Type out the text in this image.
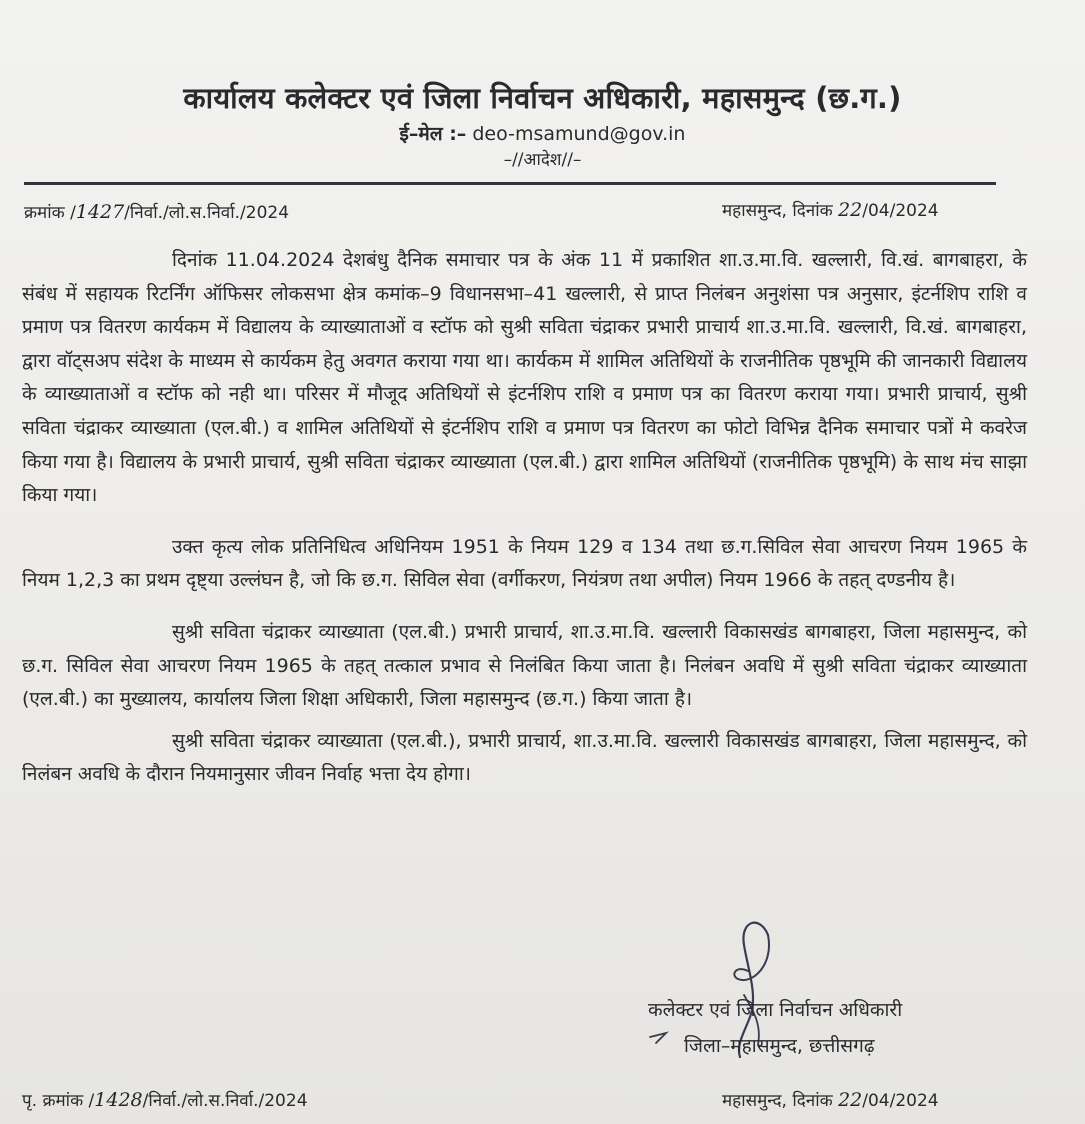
कार्यालय कलेक्टर एवं जिला निर्वाचन अधिकारी, महासमुन्द (छ.ग.)
ई–मेल :– deo-msamund@gov.in
–//आदेश//–
क्रमांक /1427/निर्वा./लो.स.निर्वा./2024	महासमुन्द, दिनांक 22/04/2024

दिनांक 11.04.2024 देशबंधु दैनिक समाचार पत्र के अंक 11 में प्रकाशित शा.उ.मा.वि. खल्लारी, वि.खं. बागबाहरा, के संबंध में सहायक रिटर्निंग ऑफिसर लोकसभा क्षेत्र कमांक–9 विधानसभा–41 खल्लारी, से प्राप्त निलंबन अनुशंसा पत्र अनुसार, इंटर्नशिप राशि व प्रमाण पत्र वितरण कार्यकम में विद्यालय के व्याख्याताओं व स्टॉफ को सुश्री सविता चंद्राकर प्रभारी प्राचार्य शा.उ.मा.वि. खल्लारी, वि.खं. बागबाहरा, द्वारा वॉट्सअप संदेश के माध्यम से कार्यकम हेतु अवगत कराया गया था। कार्यकम में शामिल अतिथियों के राजनीतिक पृष्ठभूमि की जानकारी विद्यालय के व्याख्याताओं व स्टॉफ को नही था। परिसर में मौजूद अतिथियों से इंटर्नशिप राशि व प्रमाण पत्र का वितरण कराया गया। प्रभारी प्राचार्य, सुश्री सविता चंद्राकर व्याख्याता (एल.बी.) व शामिल अतिथियों से इंटर्नशिप राशि व प्रमाण पत्र वितरण का फोटो विभिन्न दैनिक समाचार पत्रों मे कवरेज किया गया है। विद्यालय के प्रभारी प्राचार्य, सुश्री सविता चंद्राकर व्याख्याता (एल.बी.) द्वारा शामिल अतिथियों (राजनीतिक पृष्ठभूमि) के साथ मंच साझा किया गया।

उक्त कृत्य लोक प्रतिनिधित्व अधिनियम 1951 के नियम 129 व 134 तथा छ.ग.सिविल सेवा आचरण नियम 1965 के नियम 1,2,3 का प्रथम दृष्ट्या उल्लंघन है, जो कि छ.ग. सिविल सेवा (वर्गीकरण, नियंत्रण तथा अपील) नियम 1966 के तहत् दण्डनीय है।

सुश्री सविता चंद्राकर व्याख्याता (एल.बी.) प्रभारी प्राचार्य, शा.उ.मा.वि. खल्लारी विकासखंड बागबाहरा, जिला महासमुन्द, को छ.ग. सिविल सेवा आचरण नियम 1965 के तहत् तत्काल प्रभाव से निलंबित किया जाता है। निलंबन अवधि में सुश्री सविता चंद्राकर व्याख्याता (एल.बी.) का मुख्यालय, कार्यालय जिला शिक्षा अधिकारी, जिला महासमुन्द (छ.ग.) किया जाता है।

सुश्री सविता चंद्राकर व्याख्याता (एल.बी.), प्रभारी प्राचार्य, शा.उ.मा.वि. खल्लारी विकासखंड बागबाहरा, जिला महासमुन्द, को निलंबन अवधि के दौरान नियमानुसार जीवन निर्वाह भत्ता देय होगा।

कलेक्टर एवं जिला निर्वाचन अधिकारी
जिला–महासमुन्द, छत्तीसगढ़
पृ. क्रमांक /1428/निर्वा./लो.स.निर्वा./2024	महासमुन्द, दिनांक 22/04/2024
